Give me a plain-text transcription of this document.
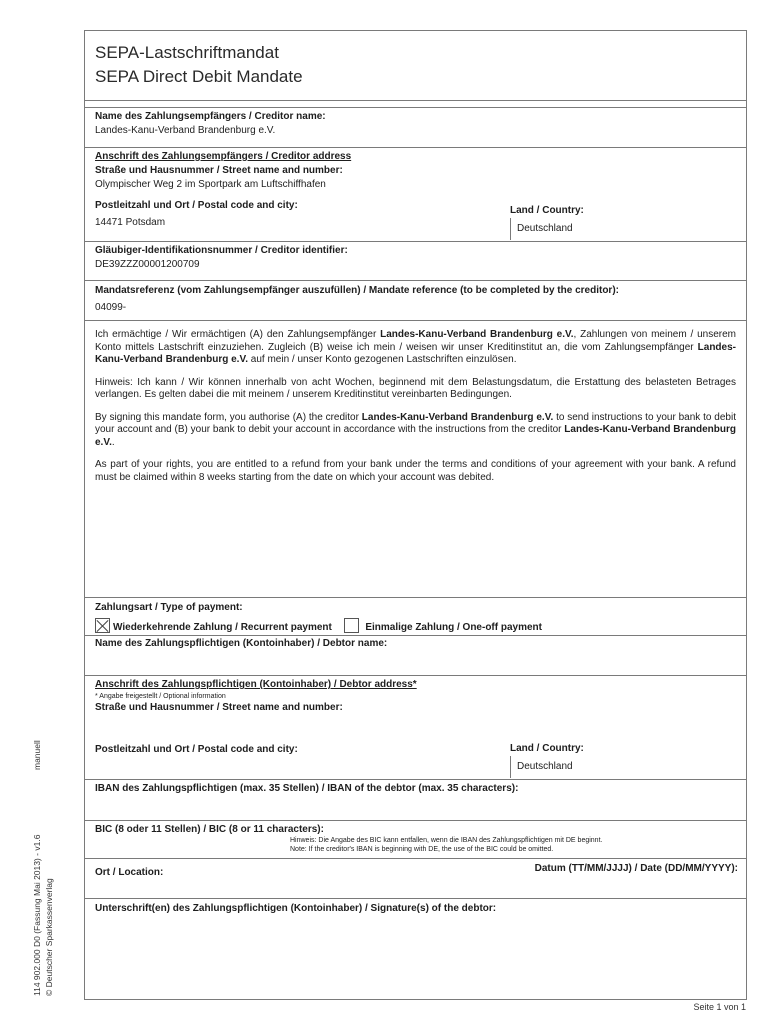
manuell
114 902.000 D0 (Fassung Mai 2013) - v1.6 © Deutscher Sparkassenverlag
SEPA-Lastschriftmandat
SEPA Direct Debit Mandate
Name des Zahlungsempfängers / Creditor name:
Landes-Kanu-Verband Brandenburg e.V.
Anschrift des Zahlungsempfängers / Creditor address
Straße und Hausnummer / Street name and number:
Olympischer Weg 2 im Sportpark am Luftschiffhafen
Postleitzahl und Ort / Postal code and city:
14471 Potsdam
Land / Country:
Deutschland
Gläubiger-Identifikationsnummer / Creditor identifier:
DE39ZZZ00001200709
Mandatsreferenz (vom Zahlungsempfänger auszufüllen) / Mandate reference (to be completed by the creditor):
04099-

Ich ermächtige / Wir ermächtigen (A) den Zahlungsempfänger Landes-Kanu-Verband Brandenburg e.V., Zahlungen von meinem / unserem Konto mittels Lastschrift einzuziehen. Zugleich (B) weise ich mein / weisen wir unser Kreditinstitut an, die vom Zahlungsempfänger Landes-Kanu-Verband Brandenburg e.V. auf mein / unser Konto gezogenen Lastschriften einzulösen.

Hinweis: Ich kann / Wir können innerhalb von acht Wochen, beginnend mit dem Belastungsdatum, die Erstattung des belasteten Betrages verlangen. Es gelten dabei die mit meinem / unserem Kreditinstitut vereinbarten Bedingungen.

By signing this mandate form, you authorise (A) the creditor Landes-Kanu-Verband Brandenburg e.V. to send instructions to your bank to debit your account and (B) your bank to debit your account in accordance with the instructions from the creditor Landes-Kanu-Verband Brandenburg e.V..

As part of your rights, you are entitled to a refund from your bank under the terms and conditions of your agreement with your bank. A refund must be claimed within 8 weeks starting from the date on which your account was debited.

Zahlungsart / Type of payment:
Wiederkehrende Zahlung / Recurrent payment	Einmalige Zahlung / One-off payment
Name des Zahlungspflichtigen (Kontoinhaber) / Debtor name:
Anschrift des Zahlungspflichtigen (Kontoinhaber) / Debtor address*
* Angabe freigestellt / Optional information
Straße und Hausnummer / Street name and number:
Postleitzahl und Ort / Postal code and city:	Land / Country:
Deutschland
IBAN des Zahlungspflichtigen (max. 35 Stellen) / IBAN of the debtor (max. 35 characters):
BIC (8 oder 11 Stellen) / BIC (8 or 11 characters):
Hinweis: Die Angabe des BIC kann entfallen, wenn die IBAN des Zahlungspflichtigen mit DE beginnt.
Note: If the creditor's IBAN is beginning with DE, the use of the BIC could be omitted.
Ort / Location:	Datum (TT/MM/JJJJ) / Date (DD/MM/YYYY):
Unterschrift(en) des Zahlungspflichtigen (Kontoinhaber) / Signature(s) of the debtor:
Seite 1 von 1
